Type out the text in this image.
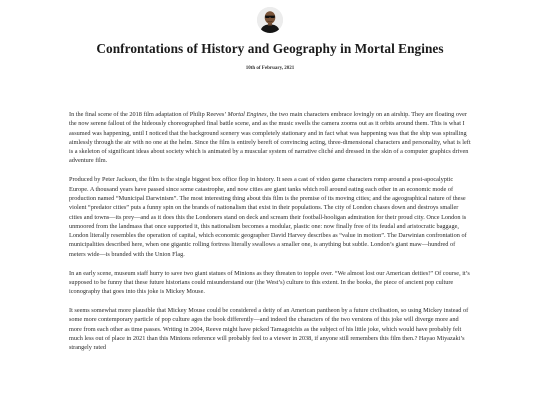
Confrontations of History and Geography in Mortal Engines
10th of February, 2021

In the final scene of the 2018 film adaptation of Philip Reeves’ Mortal Engines, the two main characters embrace lovingly on an airship. They are floating over the now serene fallout of the hideously choreographed final battle scene, and as the music swells the camera zooms out as it orbits around them. This is what I assumed was happening, until I noticed that the background scenery was completely stationary and in fact what was happening was that the ship was spiralling aimlessly through the air with no one at the helm. Since the film is entirely bereft of convincing acting, three-dimensional characters and personality, what is left is a skeleton of significant ideas about society which is animated by a muscular system of narrative cliché and dressed in the skin of a computer graphics driven adventure film.

Produced by Peter Jackson, the film is the single biggest box office flop in history. It sees a cast of video game characters romp around a post-apocalyptic Europe. A thousand years have passed since some catastrophe, and now cities are giant tanks which roll around eating each other in an economic mode of production named “Municipal Darwinism”. The most interesting thing about this film is the premise of its moving cities; and the ageographical nature of these violent “predator cities” puts a funny spin on the brands of nationalism that exist in their populations. The city of London chases down and destroys smaller cities and towns—its prey—and as it does this the Londoners stand on deck and scream their football-hooligan admiration for their proud city. Once London is unmoored from the landmass that once supported it, this nationalism becomes a modular, plastic one: now finally free of its feudal and aristocratic baggage, London literally resembles the operation of capital, which economic geographer David Harvey describes as “value in motion”. The Darwinian confrontation of municipalities described here, when one gigantic rolling fortress literally swallows a smaller one, is anything but subtle. London’s giant maw—hundred of meters wide—is branded with the Union Flag.

In an early scene, museum staff hurry to save two giant statues of Minions as they threaten to topple over. “We almost lost our American deities!” Of course, it’s supposed to be funny that these future historians could misunderstand our (the West’s) culture to this extent. In the books, the piece of ancient pop culture iconography that goes into this joke is Mickey Mouse.

It seems somewhat more plausible that Mickey Mouse could be considered a deity of an American pantheon by a future civilisation, so using Mickey instead of some more contemporary particle of pop culture ages the book differently—and indeed the characters of the two versions of this joke will diverge more and more from each other as time passes. Writing in 2004, Reeve might have picked Tamagotchis as the subject of his little joke, which would have probably felt much less out of place in 2021 than this Minions reference will probably feel to a viewer in 2038, if anyone still remembers this film then.? Hayao Miyazaki’s strangely rated
